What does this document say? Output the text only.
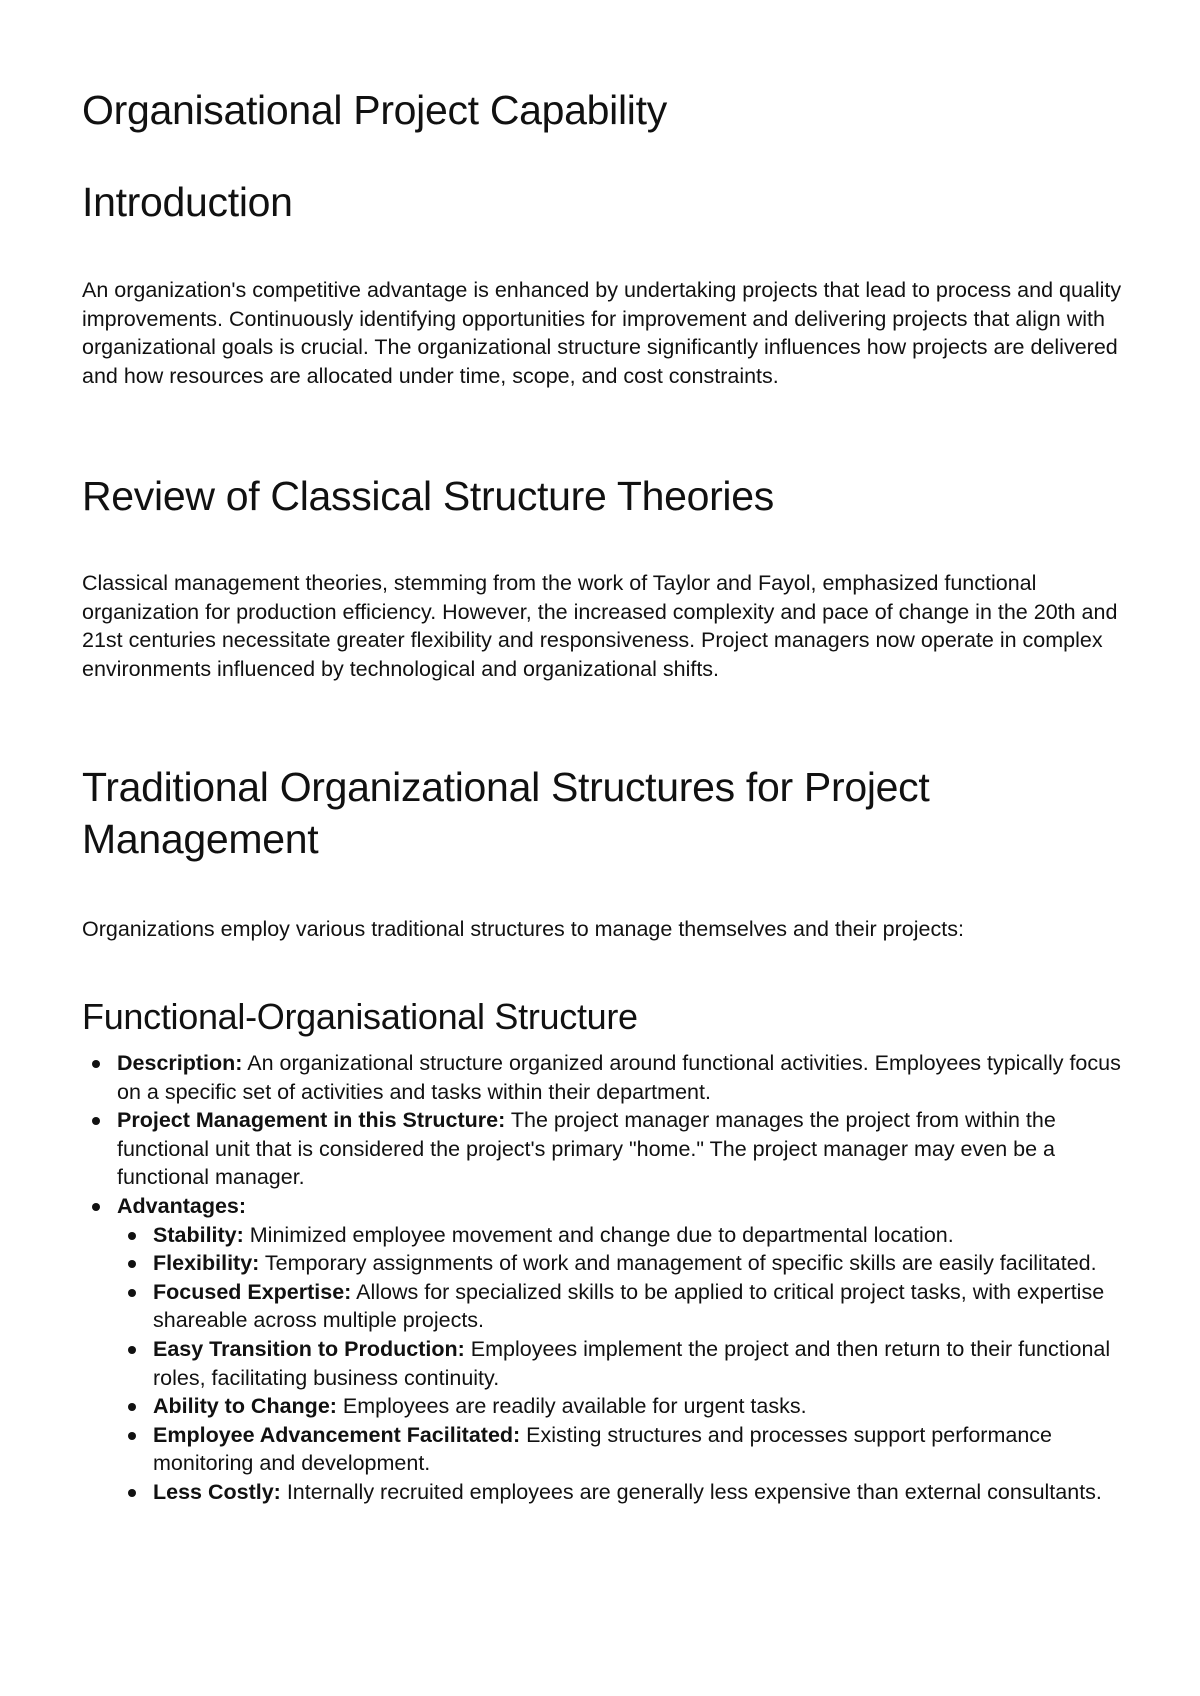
Organisational Project Capability
Introduction

An organization's competitive advantage is enhanced by undertaking projects that lead to process and quality improvements. Continuously identifying opportunities for improvement and delivering projects that align with organizational goals is crucial. The organizational structure significantly influences how projects are delivered and how resources are allocated under time, scope, and cost constraints.

Review of Classical Structure Theories

Classical management theories, stemming from the work of Taylor and Fayol, emphasized functional organization for production efficiency. However, the increased complexity and pace of change in the 20th and 21st centuries necessitate greater flexibility and responsiveness. Project managers now operate in complex environments influenced by technological and organizational shifts.

Traditional Organizational Structures for Project Management

Organizations employ various traditional structures to manage themselves and their projects:

Functional-Organisational Structure
Description: An organizational structure organized around functional activities. Employees typically focus on a specific set of activities and tasks within their department.
Project Management in this Structure: The project manager manages the project from within the functional unit that is considered the project's primary "home." The project manager may even be a functional manager.
Advantages:
Stability: Minimized employee movement and change due to departmental location.
Flexibility: Temporary assignments of work and management of specific skills are easily facilitated.
Focused Expertise: Allows for specialized skills to be applied to critical project tasks, with expertise shareable across multiple projects.
Easy Transition to Production: Employees implement the project and then return to their functional roles, facilitating business continuity.
Ability to Change: Employees are readily available for urgent tasks.
Employee Advancement Facilitated: Existing structures and processes support performance monitoring and development.
Less Costly: Internally recruited employees are generally less expensive than external consultants.
